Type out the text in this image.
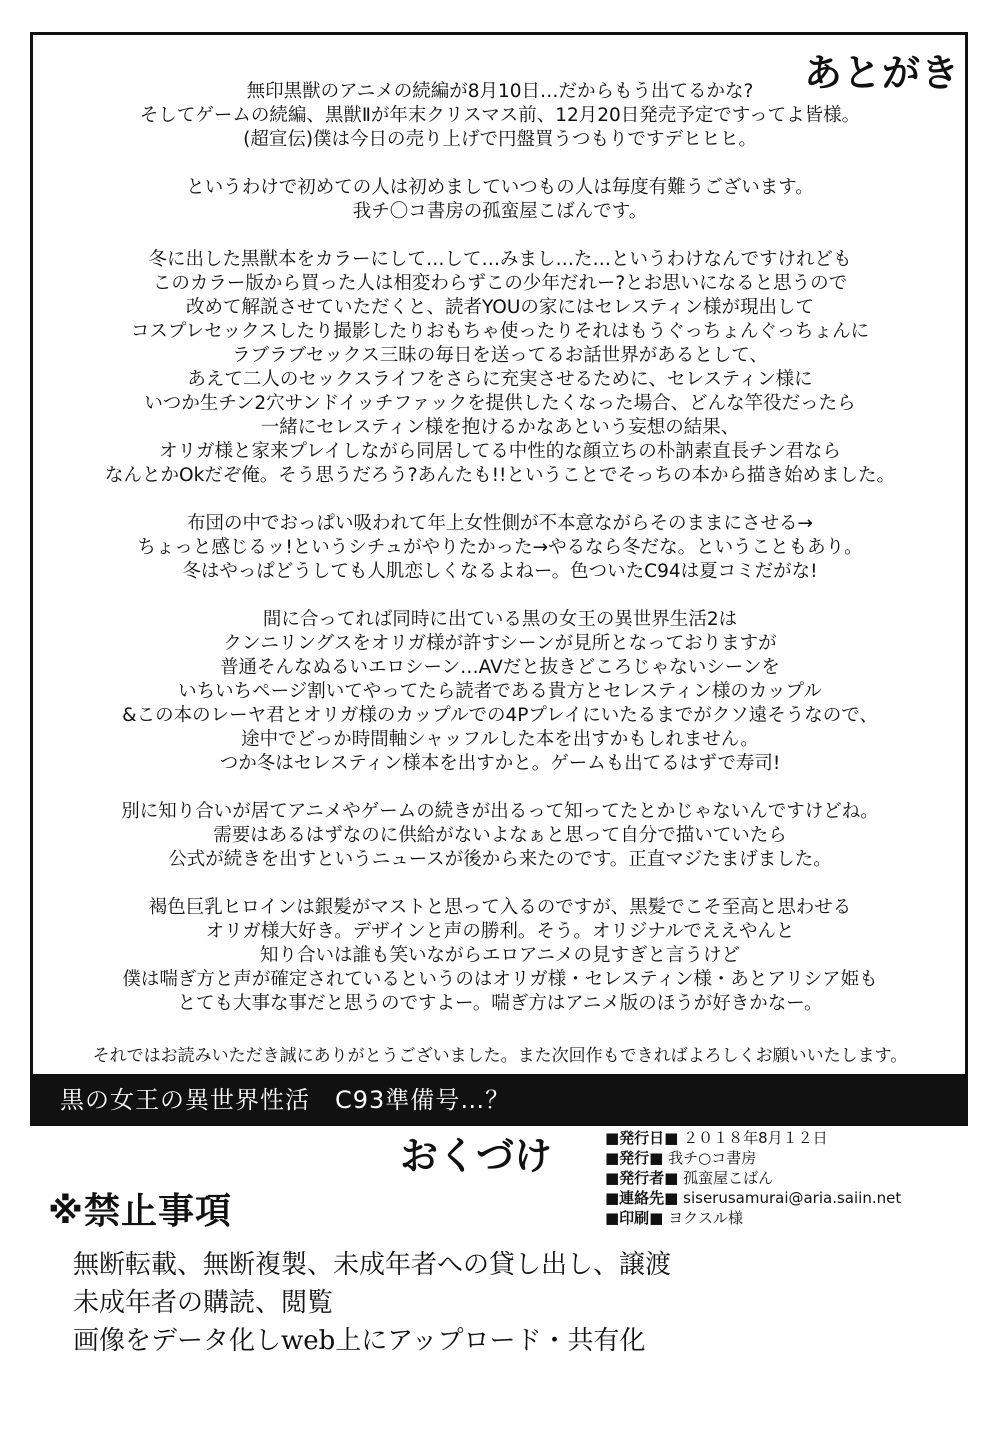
あとがき
無印黒獣のアニメの続編が8月10日…だからもう出てるかな?
そしてゲームの続編、黒獣Ⅱが年末クリスマス前、12月20日発売予定ですってよ皆様。
(超宣伝)僕は今日の売り上げで円盤買うつもりですデヒヒヒ。
というわけで初めての人は初めましていつもの人は毎度有難うございます。
我チ〇コ書房の孤蛮屋こばんです。
冬に出した黒獣本をカラーにして…して…みまし…た…というわけなんですけれども
このカラー版から買った人は相変わらずこの少年だれー?とお思いになると思うので
改めて解説させていただくと、読者YOUの家にはセレスティン様が現出して
コスプレセックスしたり撮影したりおもちゃ使ったりそれはもうぐっちょんぐっちょんに
ラブラブセックス三昧の毎日を送ってるお話世界があるとして、
あえて二人のセックスライフをさらに充実させるために、セレスティン様に
いつか生チン2穴サンドイッチファックを提供したくなった場合、どんな竿役だったら
一緒にセレスティン様を抱けるかなあという妄想の結果、
オリガ様と家来プレイしながら同居してる中性的な顔立ちの朴訥素直長チン君なら
なんとかOkだぞ俺。そう思うだろう?あんたも!!ということでそっちの本から描き始めました。
布団の中でおっぱい吸われて年上女性側が不本意ながらそのままにさせる→
ちょっと感じるッ!というシチュがやりたかった→やるなら冬だな。ということもあり。
冬はやっぱどうしても人肌恋しくなるよねー。色ついたC94は夏コミだがな!
間に合ってれば同時に出ている黒の女王の異世界生活2は
クンニリングスをオリガ様が許すシーンが見所となっておりますが
普通そんなぬるいエロシーン…AVだと抜きどころじゃないシーンを
いちいちページ割いてやってたら読者である貴方とセレスティン様のカップル
&この本のレーヤ君とオリガ様のカップルでの4Pプレイにいたるまでがクソ遠そうなので、
途中でどっか時間軸シャッフルした本を出すかもしれません。
つか冬はセレスティン様本を出すかと。ゲームも出てるはずで寿司!
別に知り合いが居てアニメやゲームの続きが出るって知ってたとかじゃないんですけどね。
需要はあるはずなのに供給がないよなぁと思って自分で描いていたら
公式が続きを出すというニュースが後から来たのです。正直マジたまげました。
褐色巨乳ヒロインは銀髪がマストと思って入るのですが、黒髪でこそ至高と思わせる
オリガ様大好き。デザインと声の勝利。そう。オリジナルでええやんと
知り合いは誰も笑いながらエロアニメの見すぎと言うけど
僕は喘ぎ方と声が確定されているというのはオリガ様・セレスティン様・あとアリシア姫も
とても大事な事だと思うのですよー。喘ぎ方はアニメ版のほうが好きかなー。
それではお読みいただき誠にありがとうございました。また次回作もできればよろしくお願いいたします。
黒の女王の異世界性活　C93準備号…？
おくづけ	■発行日■ ２０１８年8月１２日
■発行■ 我チ○コ書房
■発行者■ 孤蛮屋こばん
■連絡先■ siserusamurai@aria.saiin.net
■印刷■ ヨクスル様
※禁止事項
無断転載、無断複製、未成年者への貸し出し、譲渡
未成年者の購読、閲覧
画像をデータ化しweb上にアップロード・共有化
